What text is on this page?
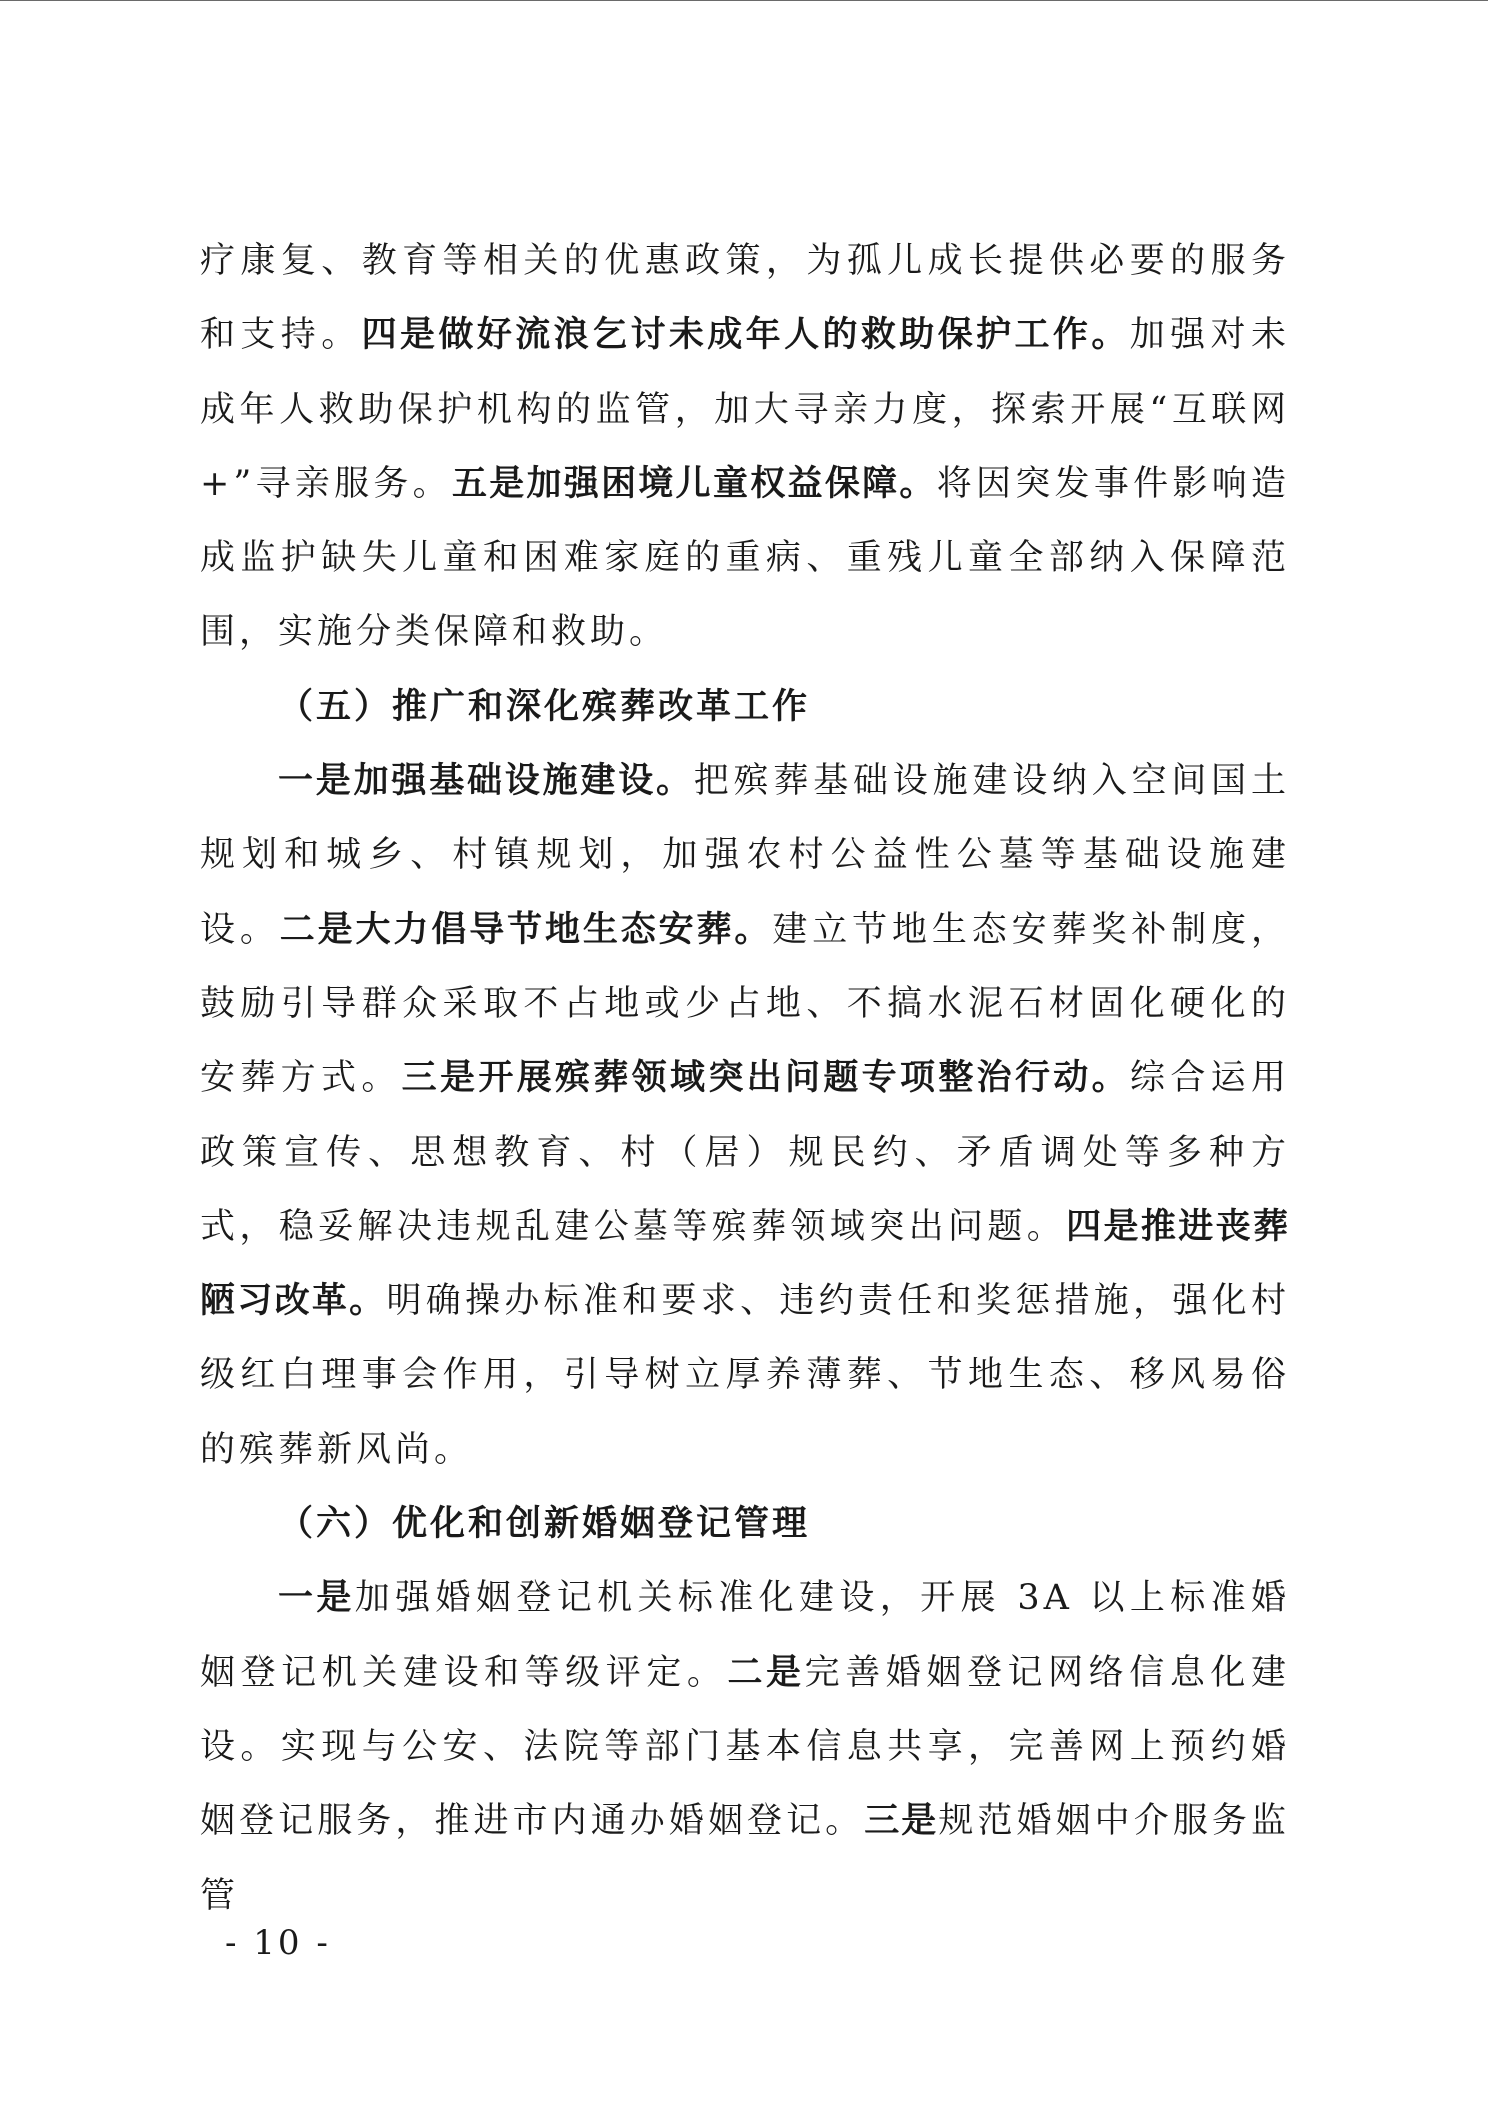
疗康复、教育等相关的优惠政策，为孤儿成长提供必要的服务和支持。四是做好流浪乞讨未成年人的救助保护工作。加强对未成年人救助保护机构的监管，加大寻亲力度，探索开展“互联网+”寻亲服务。五是加强困境儿童权益保障。将因突发事件影响造成监护缺失儿童和困难家庭的重病、重残儿童全部纳入保障范围，实施分类保障和救助。

（五）推广和深化殡葬改革工作

一是加强基础设施建设。把殡葬基础设施建设纳入空间国土规划和城乡、村镇规划，加强农村公益性公墓等基础设施建设。二是大力倡导节地生态安葬。建立节地生态安葬奖补制度，鼓励引导群众采取不占地或少占地、不搞水泥石材固化硬化的安葬方式。三是开展殡葬领域突出问题专项整治行动。综合运用政策宣传、思想教育、村（居）规民约、矛盾调处等多种方式，稳妥解决违规乱建公墓等殡葬领域突出问题。四是推进丧葬陋习改革。明确操办标准和要求、违约责任和奖惩措施，强化村级红白理事会作用，引导树立厚养薄葬、节地生态、移风易俗的殡葬新风尚。

（六）优化和创新婚姻登记管理

一是加强婚姻登记机关标准化建设，开展 3A 以上标准婚姻登记机关建设和等级评定。二是完善婚姻登记网络信息化建设。实现与公安、法院等部门基本信息共享，完善网上预约婚姻登记服务，推进市内通办婚姻登记。三是规范婚姻中介服务监管

- 10 -
